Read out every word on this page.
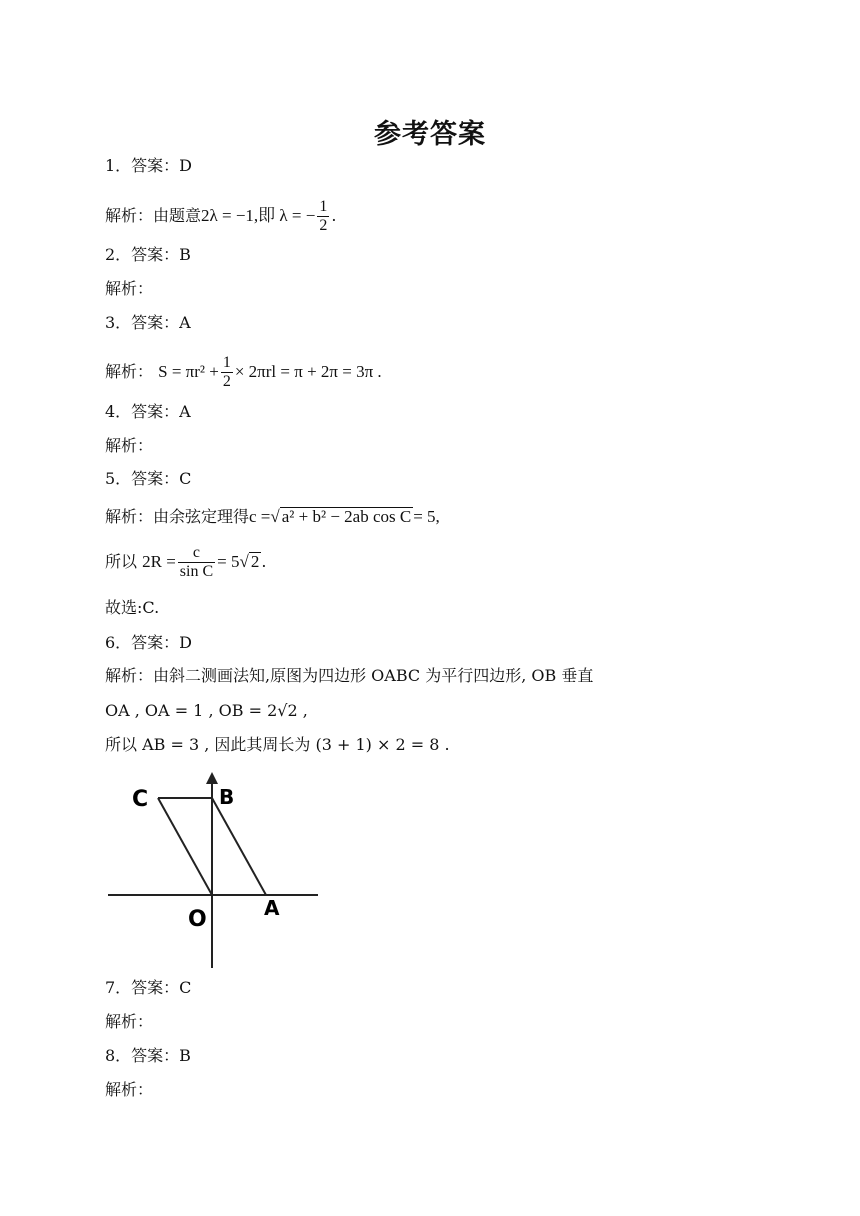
参考答案
1．答案：D
解析：由题意2λ = −1,即 λ = − $\frac{1}{2}$ .
2．答案：B
解析：
3．答案：A
解析： $S = \pi r^2 + \frac{1}{2} \times 2\pi rl = \pi + 2\pi = 3\pi$ .
4．答案：A
解析：
5．答案：C
解析：由余弦定理得c =√ a² + b² − 2ab cos C = 5,
所以 $2R = \frac{c}{\text{sin C}} = 5√$ 2 .
故选:C.
6．答案：D
解析：由斜二测画法知,原图为四边形 OABC 为平行四边形, OB 垂直
OA , OA = 1 , OB = 2√2 ,
所以 AB = 3 , 因此其周长为 (3 + 1) × 2 = 8 .
C	B
O	A
7．答案：C
解析：
8．答案：B
解析：
